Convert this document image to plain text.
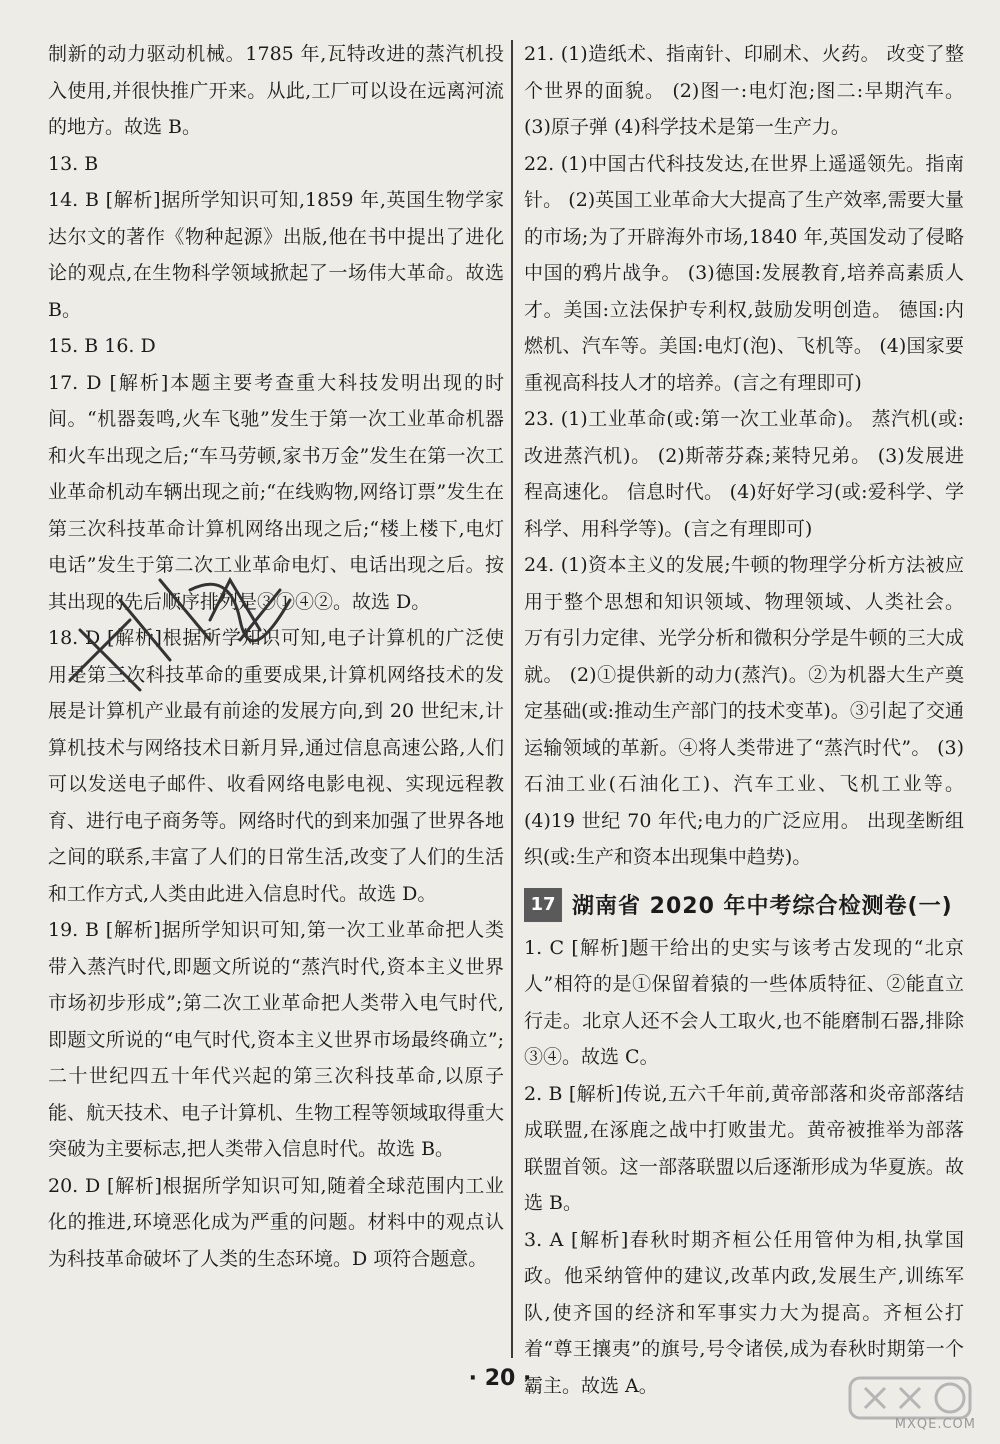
制新的动力驱动机械。1785 年,瓦特改进的蒸汽机投入使用,并很快推广开来。从此,工厂可以设在远离河流的地方。故选 B。

13. B

14. B [解析]据所学知识可知,1859 年,英国生物学家达尔文的著作《物种起源》出版,他在书中提出了进化论的观点,在生物科学领域掀起了一场伟大革命。故选 B。

15. B 16. D

17. D [解析]本题主要考查重大科技发明出现的时间。“机器轰鸣,火车飞驰”发生于第一次工业革命机器和火车出现之后;“车马劳顿,家书万金”发生在第一次工业革命机动车辆出现之前;“在线购物,网络订票”发生在第三次科技革命计算机网络出现之后;“楼上楼下,电灯电话”发生于第二次工业革命电灯、电话出现之后。按其出现的先后顺序排列是③①④②。故选 D。

18. D [解析]根据所学知识可知,电子计算机的广泛使用是第三次科技革命的重要成果,计算机网络技术的发展是计算机产业最有前途的发展方向,到 20 世纪末,计算机技术与网络技术日新月异,通过信息高速公路,人们可以发送电子邮件、收看网络电影电视、实现远程教育、进行电子商务等。网络时代的到来加强了世界各地之间的联系,丰富了人们的日常生活,改变了人们的生活和工作方式,人类由此进入信息时代。故选 D。

19. B [解析]据所学知识可知,第一次工业革命把人类带入蒸汽时代,即题文所说的“蒸汽时代,资本主义世界市场初步形成”;第二次工业革命把人类带入电气时代,即题文所说的“电气时代,资本主义世界市场最终确立”;二十世纪四五十年代兴起的第三次科技革命,以原子能、航天技术、电子计算机、生物工程等领域取得重大突破为主要标志,把人类带入信息时代。故选 B。

20. D [解析]根据所学知识可知,随着全球范围内工业化的推进,环境恶化成为严重的问题。材料中的观点认为科技革命破坏了人类的生态环境。D 项符合题意。

21. (1)造纸术、指南针、印刷术、火药。 改变了整个世界的面貌。 (2)图一:电灯泡;图二:早期汽车。 (3)原子弹 (4)科学技术是第一生产力。

22. (1)中国古代科技发达,在世界上遥遥领先。指南针。 (2)英国工业革命大大提高了生产效率,需要大量的市场;为了开辟海外市场,1840 年,英国发动了侵略中国的鸦片战争。 (3)德国:发展教育,培养高素质人才。美国:立法保护专利权,鼓励发明创造。 德国:内燃机、汽车等。美国:电灯(泡)、飞机等。 (4)国家要重视高科技人才的培养。(言之有理即可)

23. (1)工业革命(或:第一次工业革命)。 蒸汽机(或:改进蒸汽机)。 (2)斯蒂芬森;莱特兄弟。 (3)发展进程高速化。 信息时代。 (4)好好学习(或:爱科学、学科学、用科学等)。(言之有理即可)

24. (1)资本主义的发展;牛顿的物理学分析方法被应用于整个思想和知识领域、物理领域、人类社会。 万有引力定律、光学分析和微积分学是牛顿的三大成就。 (2)①提供新的动力(蒸汽)。②为机器大生产奠定基础(或:推动生产部门的技术变革)。③引起了交通运输领域的革新。④将人类带进了“蒸汽时代”。 (3)石油工业(石油化工)、汽车工业、飞机工业等。 (4)19 世纪 70 年代;电力的广泛应用。 出现垄断组织(或:生产和资本出现集中趋势)。

17 湖南省 2020 年中考综合检测卷(一)

1. C [解析]题干给出的史实与该考古发现的“北京人”相符的是①保留着猿的一些体质特征、②能直立行走。北京人还不会人工取火,也不能磨制石器,排除③④。故选 C。

2. B [解析]传说,五六千年前,黄帝部落和炎帝部落结成联盟,在涿鹿之战中打败蚩尤。黄帝被推举为部落联盟首领。这一部落联盟以后逐渐形成为华夏族。故选 B。

3. A [解析]春秋时期齐桓公任用管仲为相,执掌国政。他采纳管仲的建议,改革内政,发展生产,训练军队,使齐国的经济和军事实力大为提高。齐桓公打着“尊王攘夷”的旗号,号令诸侯,成为春秋时期第一个霸主。故选 A。

· 20 ·
MXQE.COM
